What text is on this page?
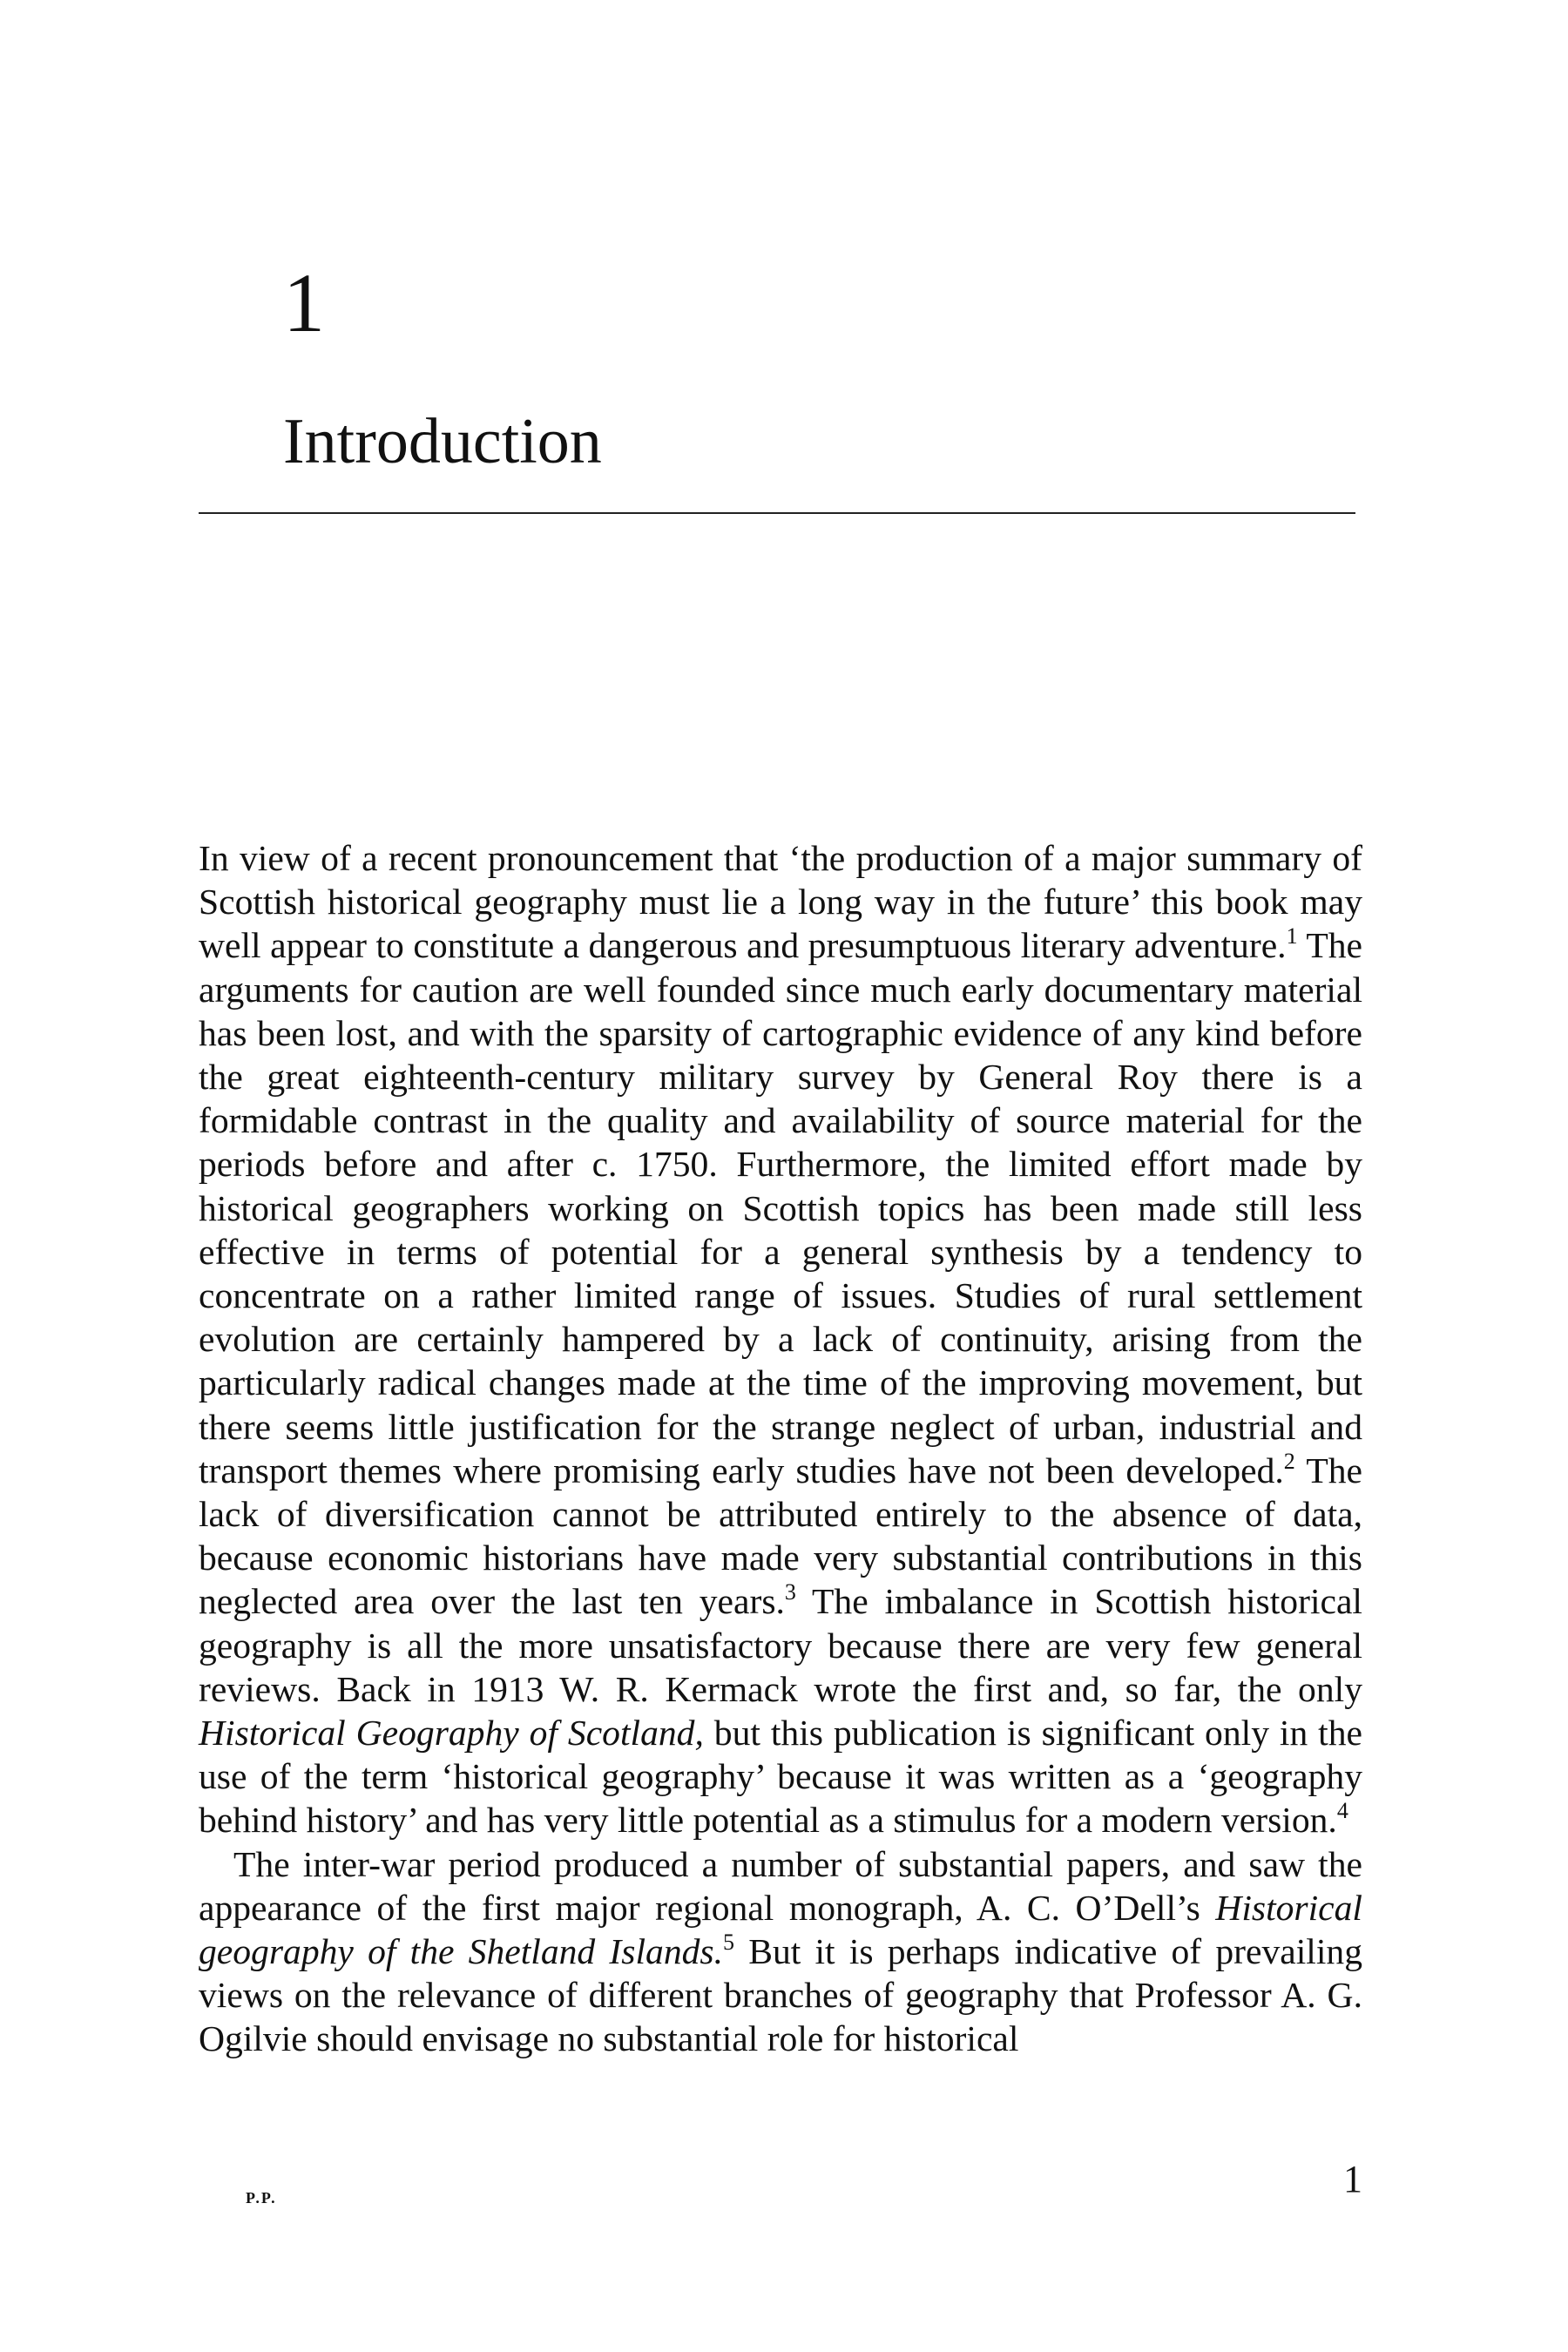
1
Introduction

In view of a recent pronouncement that ‘the production of a major summary of Scottish historical geography must lie a long way in the future’ this book may well appear to constitute a dangerous and presumptuous literary adventure.$^1$ The arguments for caution are well founded since much early documentary material has been lost, and with the sparsity of cartographic evidence of any kind before the great eighteenth-century military survey by General Roy there is a formidable contrast in the quality and availability of source material for the periods before and after c. 1750. Furthermore, the limited effort made by historical geographers working on Scottish topics has been made still less effective in terms of potential for a general synthesis by a tendency to concentrate on a rather limited range of issues. Studies of rural settlement evolution are certainly hampered by a lack of continuity, arising from the particularly radical changes made at the time of the improving movement, but there seems little justification for the strange neglect of urban, industrial and transport themes where promising early studies have not been developed.$^2$ The lack of diversification cannot be attributed entirely to the absence of data, because economic historians have made very substantial contributions in this neglected area over the last ten years.$^3$ The imbalance in Scottish historical geography is all the more unsatisfactory because there are very few general reviews. Back in 1913 W. R. Kermack wrote the first and, so far, the only Historical Geography of Scotland, but this publication is significant only in the use of the term ‘historical geography’ because it was written as a ‘geography behind history’ and has very little potential as a stimulus for a modern version.$^4$

The inter-war period produced a number of substantial papers, and saw the appearance of the first major regional monograph, A. C. O’Dell’s Historical geography of the Shetland Islands.$^5$ But it is perhaps indicative of prevailing views on the relevance of different branches of geography that Professor A. G. Ogilvie should envisage no substantial role for historical

P.P.	1
